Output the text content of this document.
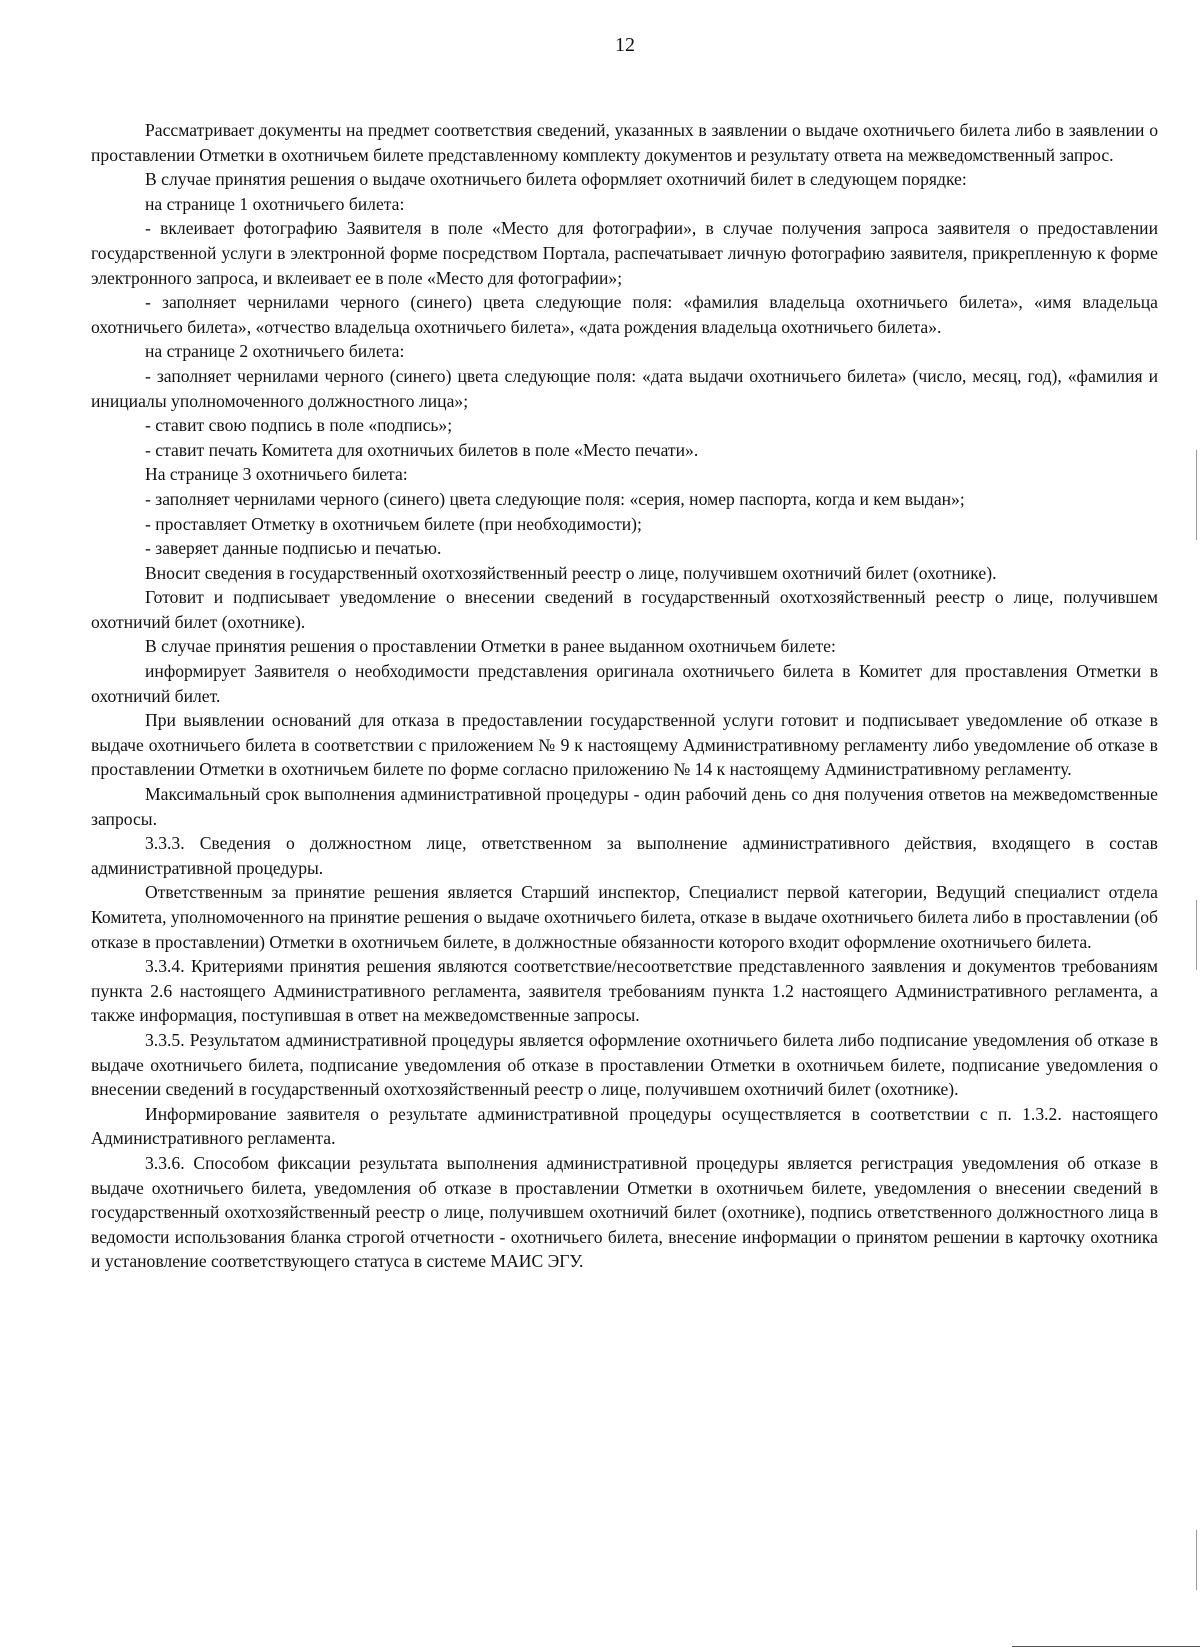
12

Рассматривает документы на предмет соответствия сведений, указанных в заявлении о выдаче охотничьего билета либо в заявлении о проставлении Отметки в охотничьем билете представленному комплекту документов и результату ответа на межведомственный запрос.

В случае принятия решения о выдаче охотничьего билета оформляет охотничий билет в следующем порядке:

на странице 1 охотничьего билета:

- вклеивает фотографию Заявителя в поле «Место для фотографии», в случае получения запроса заявителя о предоставлении государственной услуги в электронной форме посредством Портала, распечатывает личную фотографию заявителя, прикрепленную к форме электронного запроса, и вклеивает ее в поле «Место для фотографии»;

- заполняет чернилами черного (синего) цвета следующие поля: «фамилия владельца охотничьего билета», «имя владельца охотничьего билета», «отчество владельца охотничьего билета», «дата рождения владельца охотничьего билета».

на странице 2 охотничьего билета:

- заполняет чернилами черного (синего) цвета следующие поля: «дата выдачи охотничьего билета» (число, месяц, год), «фамилия и инициалы уполномоченного должностного лица»;

- ставит свою подпись в поле «подпись»;

- ставит печать Комитета для охотничьих билетов в поле «Место печати».

На странице 3 охотничьего билета:

- заполняет чернилами черного (синего) цвета следующие поля: «серия, номер паспорта, когда и кем выдан»;

- проставляет Отметку в охотничьем билете (при необходимости);

- заверяет данные подписью и печатью.

Вносит сведения в государственный охотхозяйственный реестр о лице, получившем охотничий билет (охотнике).

Готовит и подписывает уведомление о внесении сведений в государственный охотхозяйственный реестр о лице, получившем охотничий билет (охотнике).

В случае принятия решения о проставлении Отметки в ранее выданном охотничьем билете:

информирует Заявителя о необходимости представления оригинала охотничьего билета в Комитет для проставления Отметки в охотничий билет.

При выявлении оснований для отказа в предоставлении государственной услуги готовит и подписывает уведомление об отказе в выдаче охотничьего билета в соответствии с приложением № 9 к настоящему Административному регламенту либо уведомление об отказе в проставлении Отметки в охотничьем билете по форме согласно приложению № 14 к настоящему Административному регламенту.

Максимальный срок выполнения административной процедуры - один рабочий день со дня получения ответов на межведомственные запросы.

3.3.3. Сведения о должностном лице, ответственном за выполнение административного действия, входящего в состав административной процедуры.

Ответственным за принятие решения является Старший инспектор, Специалист первой категории, Ведущий специалист отдела Комитета, уполномоченного на принятие решения о выдаче охотничьего билета, отказе в выдаче охотничьего билета либо в проставлении (об отказе в проставлении) Отметки в охотничьем билете, в должностные обязанности которого входит оформление охотничьего билета.

3.3.4. Критериями принятия решения являются соответствие/несоответствие представленного заявления и документов требованиям пункта 2.6 настоящего Административного регламента, заявителя требованиям пункта 1.2 настоящего Административного регламента, а также информация, поступившая в ответ на межведомственные запросы.

3.3.5. Результатом административной процедуры является оформление охотничьего билета либо подписание уведомления об отказе в выдаче охотничьего билета, подписание уведомления об отказе в проставлении Отметки в охотничьем билете, подписание уведомления о внесении сведений в государственный охотхозяйственный реестр о лице, получившем охотничий билет (охотнике).

Информирование заявителя о результате административной процедуры осуществляется в соответствии с п. 1.3.2. настоящего Административного регламента.

3.3.6. Способом фиксации результата выполнения административной процедуры является регистрация уведомления об отказе в выдаче охотничьего билета, уведомления об отказе в проставлении Отметки в охотничьем билете, уведомления о внесении сведений в государственный охотхозяйственный реестр о лице, получившем охотничий билет (охотнике), подпись ответственного должностного лица в ведомости использования бланка строгой отчетности - охотничьего билета, внесение информации о принятом решении в карточку охотника и установление соответствующего статуса в системе МАИС ЭГУ.
